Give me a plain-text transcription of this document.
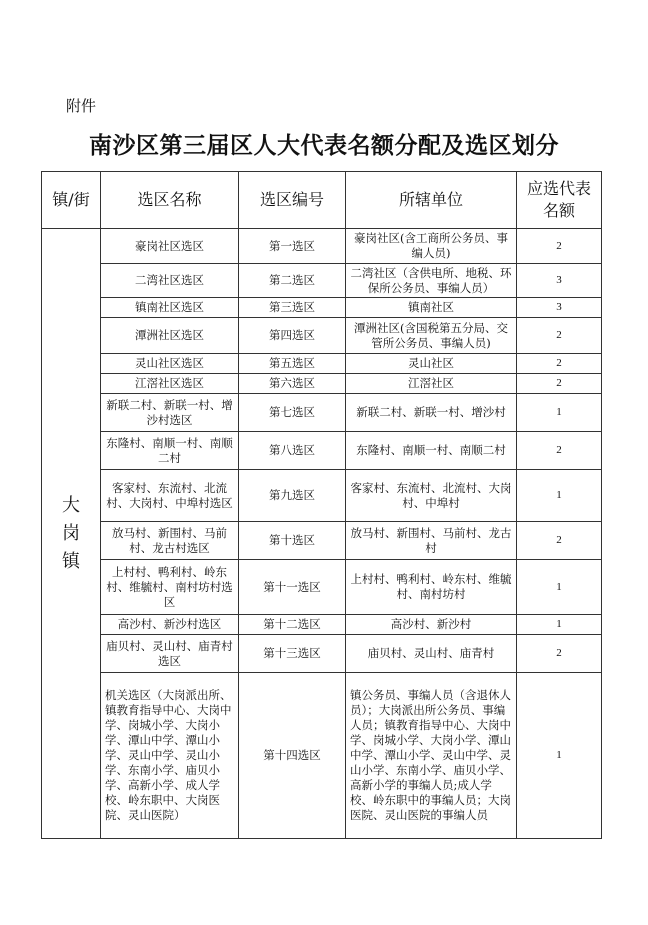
附件
南沙区第三届区人大代表名额分配及选区划分
镇/街	选区名称	选区编号	所辖单位	应选代表名额

大岗镇	豪岗社区选区	第一选区	豪岗社区(含工商所公务员、事编人员)	2
	二湾社区选区	第二选区	二湾社区（含供电所、地税、环保所公务员、事编人员）	3
	镇南社区选区	第三选区	镇南社区	3
	潭洲社区选区	第四选区	潭洲社区(含国税第五分局、交管所公务员、事编人员)	2
	灵山社区选区	第五选区	灵山社区	2
	江滘社区选区	第六选区	江滘社区	2
	新联二村、新联一村、增沙村选区	第七选区	新联二村、新联一村、增沙村	1
	东隆村、南顺一村、南顺二村	第八选区	东隆村、南顺一村、南顺二村	2
	客家村、东流村、北流村、大岗村、中埠村选区	第九选区	客家村、东流村、北流村、大岗村、中埠村	1
	放马村、新围村、马前村、龙古村选区	第十选区	放马村、新围村、马前村、龙古村	2
	上村村、鸭利村、岭东村、维毓村、南村坊村选区	第十一选区	上村村、鸭利村、岭东村、维毓村、南村坊村	1
	高沙村、新沙村选区	第十二选区	高沙村、新沙村	1
	庙贝村、灵山村、庙青村选区	第十三选区	庙贝村、灵山村、庙青村	2
	机关选区（大岗派出所、镇教育指导中心、大岗中学、岗城小学、大岗小学、潭山中学、潭山小学、灵山中学、灵山小学、东南小学、庙贝小学、高新小学、成人学校、岭东职中、大岗医院、灵山医院）	第十四选区	镇公务员、事编人员（含退休人员）；大岗派出所公务员、事编人员；镇教育指导中心、大岗中学、岗城小学、大岗小学、潭山中学、潭山小学、灵山中学、灵山小学、东南小学、庙贝小学、高新小学的事编人员;成人学校、岭东职中的事编人员；大岗医院、灵山医院的事编人员	1
